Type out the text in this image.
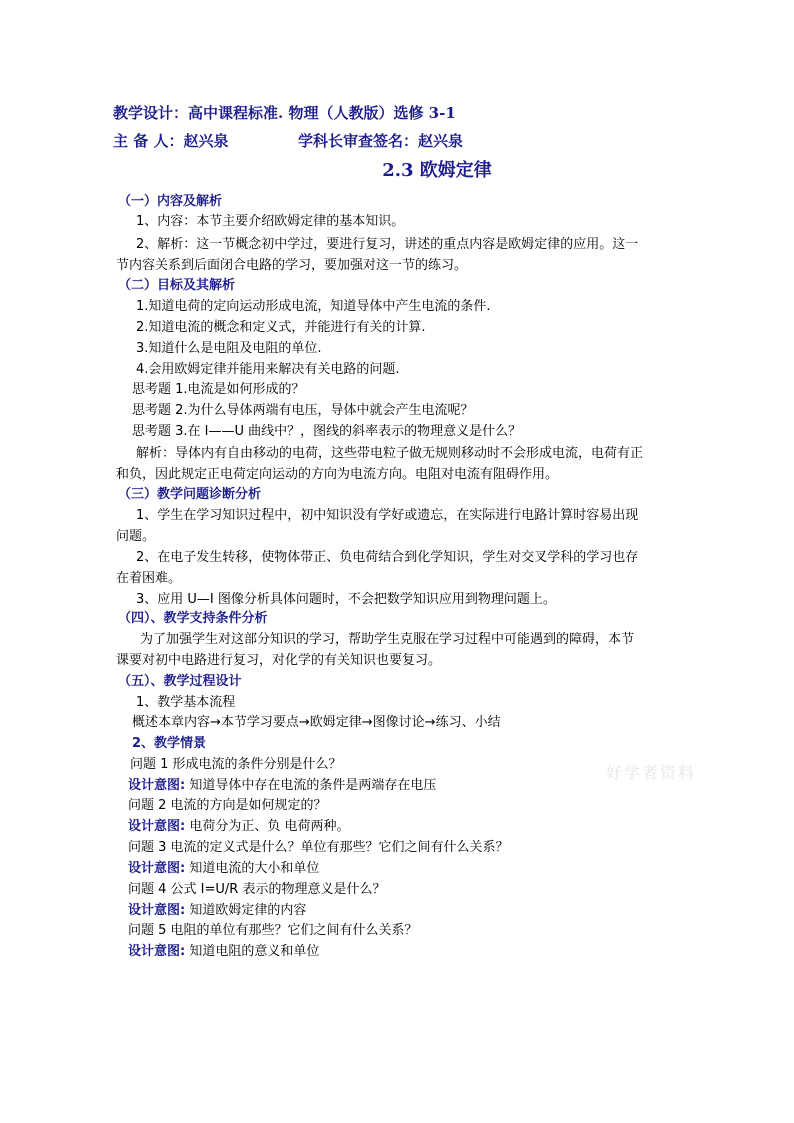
教学设计：高中课程标准. 物理（人教版）选修 3-1
主 备 人：赵兴泉	学科长审查签名：赵兴泉
2.3 欧姆定律
（一）内容及解析
1、内容：本节主要介绍欧姆定律的基本知识。
2、解析：这一节概念初中学过，要进行复习，讲述的重点内容是欧姆定律的应用。这一
节内容关系到后面闭合电路的学习，要加强对这一节的练习。
（二）目标及其解析
1.知道电荷的定向运动形成电流，知道导体中产生电流的条件.
2.知道电流的概念和定义式，并能进行有关的计算.
3.知道什么是电阻及电阻的单位.
4.会用欧姆定律并能用来解决有关电路的问题.
思考题 1.电流是如何形成的？
思考题 2.为什么导体两端有电压，导体中就会产生电流呢？
思考题 3.在 I——U 曲线中？，图线的斜率表示的物理意义是什么？
解析：导体内有自由移动的电荷，这些带电粒子做无规则移动时不会形成电流，电荷有正
和负，因此规定正电荷定向运动的方向为电流方向。电阻对电流有阻碍作用。
（三）教学问题诊断分析
1、学生在学习知识过程中，初中知识没有学好或遗忘，在实际进行电路计算时容易出现
问题。
2、在电子发生转移，使物体带正、负电荷结合到化学知识，学生对交叉学科的学习也存
在着困难。
3、应用 U—I 图像分析具体问题时，不会把数学知识应用到物理问题上。
（四）、教学支持条件分析
为了加强学生对这部分知识的学习，帮助学生克服在学习过程中可能遇到的障碍，本节
课要对初中电路进行复习，对化学的有关知识也要复习。
（五）、教学过程设计
1、教学基本流程
概述本章内容→本节学习要点→欧姆定律→图像讨论→练习、小结
2、教学情景
问题 1 形成电流的条件分别是什么？
设计意图: 知道导体中存在电流的条件是两端存在电压
问题 2 电流的方向是如何规定的？
设计意图: 电荷分为正、负 电荷两种。
问题 3 电流的定义式是什么？单位有那些？它们之间有什么关系？
设计意图: 知道电流的大小和单位
问题 4 公式 I=U/R 表示的物理意义是什么？
设计意图: 知道欧姆定律的内容
问题 5 电阻的单位有那些？它们之间有什么关系？
设计意图: 知道电阻的意义和单位
好学者资料
